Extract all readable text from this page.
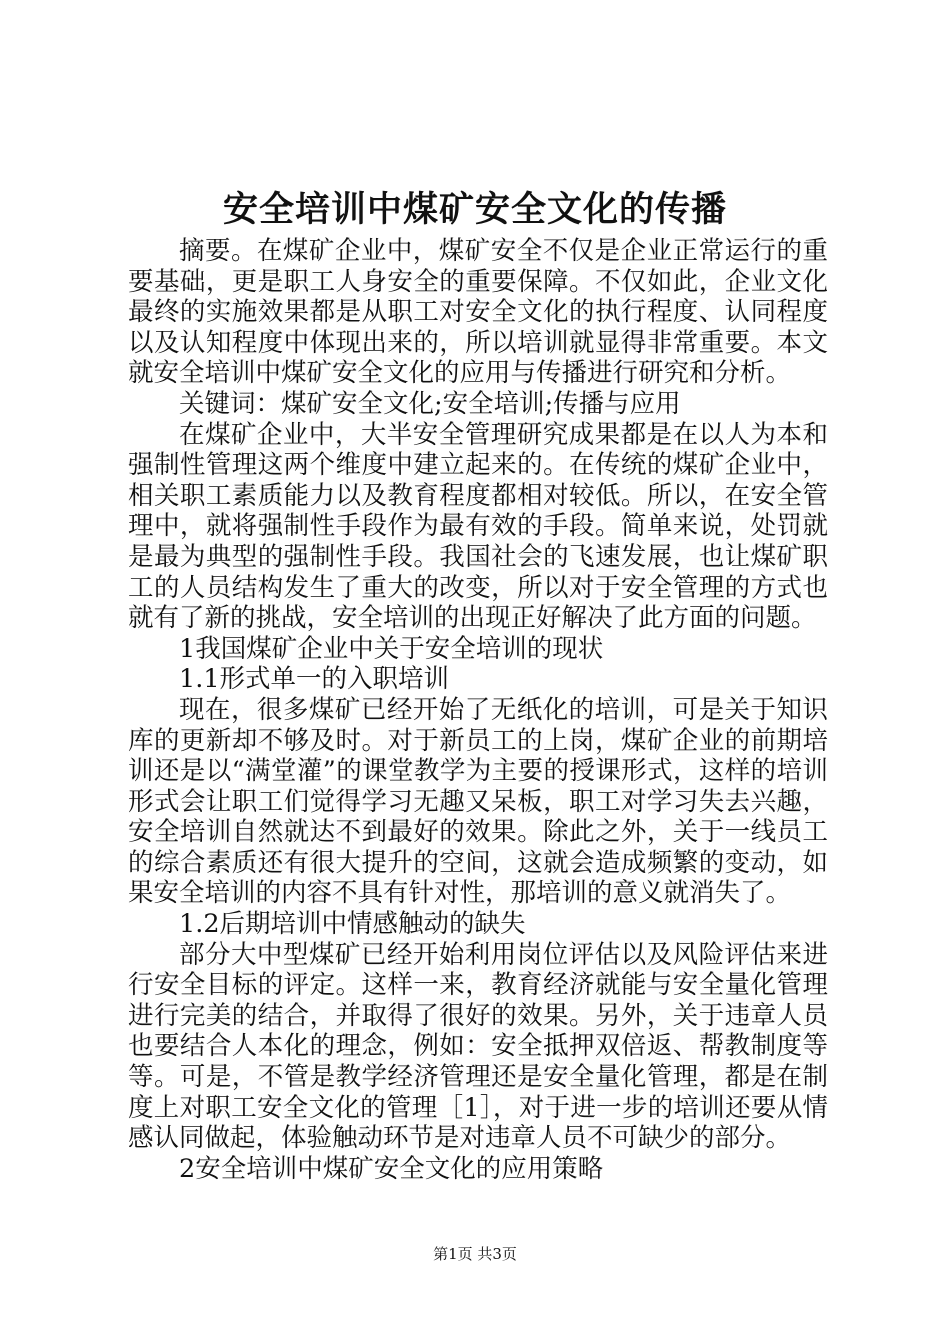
安全培训中煤矿安全文化的传播

摘要。在煤矿企业中，煤矿安全不仅是企业正常运行的重要基础，更是职工人身安全的重要保障。不仅如此，企业文化最终的实施效果都是从职工对安全文化的执行程度、认同程度以及认知程度中体现出来的，所以培训就显得非常重要。本文就安全培训中煤矿安全文化的应用与传播进行研究和分析。

关键词：煤矿安全文化;安全培训;传播与应用

在煤矿企业中，大半安全管理研究成果都是在以人为本和强制性管理这两个维度中建立起来的。在传统的煤矿企业中，相关职工素质能力以及教育程度都相对较低。所以，在安全管理中，就将强制性手段作为最有效的手段。简单来说，处罚就是最为典型的强制性手段。我国社会的飞速发展，也让煤矿职工的人员结构发生了重大的改变，所以对于安全管理的方式也就有了新的挑战，安全培训的出现正好解决了此方面的问题。

1我国煤矿企业中关于安全培训的现状

1.1形式单一的入职培训

现在，很多煤矿已经开始了无纸化的培训，可是关于知识库的更新却不够及时。对于新员工的上岗，煤矿企业的前期培训还是以“满堂灌”的课堂教学为主要的授课形式，这样的培训形式会让职工们觉得学习无趣又呆板，职工对学习失去兴趣，安全培训自然就达不到最好的效果。除此之外，关于一线员工的综合素质还有很大提升的空间，这就会造成频繁的变动，如果安全培训的内容不具有针对性，那培训的意义就消失了。

1.2后期培训中情感触动的缺失

部分大中型煤矿已经开始利用岗位评估以及风险评估来进行安全目标的评定。这样一来，教育经济就能与安全量化管理进行完美的结合，并取得了很好的效果。另外，关于违章人员也要结合人本化的理念，例如：安全抵押双倍返、帮教制度等等。可是，不管是教学经济管理还是安全量化管理，都是在制度上对职工安全文化的管理［1］，对于进一步的培训还要从情感认同做起，体验触动环节是对违章人员不可缺少的部分。

2安全培训中煤矿安全文化的应用策略

第1页 共3页
